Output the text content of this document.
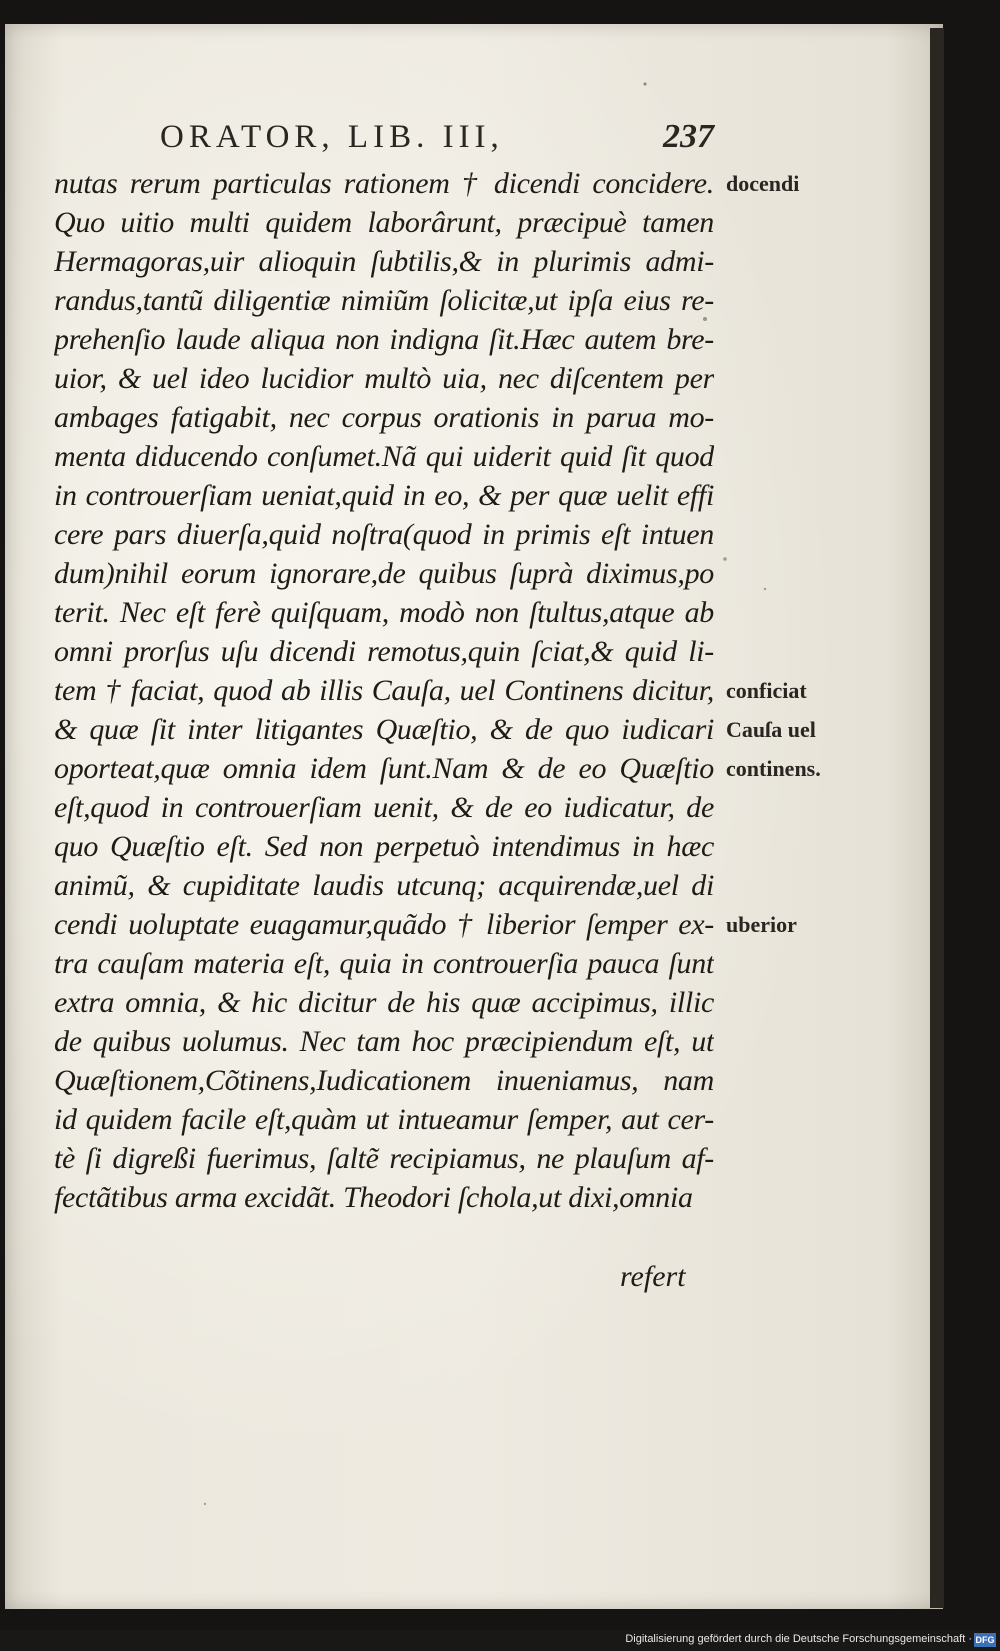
ORATOR, LIB. III,	237
nutas rerum particulas rationem † dicendi concidere.
Quo uitio multi quidem laborârunt, præcipuè tamen
Hermagoras,uir alioquin ſubtilis,& in plurimis admi-
randus,tantũ diligentiæ nimiũm ſolicitæ,ut ipſa eius re-
prehenſio laude aliqua non indigna ſit.Hæc autem bre-
uior, & uel ideo lucidior multò uia, nec diſcentem per
ambages fatigabit, nec corpus orationis in parua mo-
menta diducendo conſumet.Nã qui uiderit quid ſit quod
in controuerſiam ueniat,quid in eo, & per quæ uelit effi
cere pars diuerſa,quid noſtra(quod in primis eſt intuen
dum)nihil eorum ignorare,de quibus ſuprà diximus,po
terit. Nec eſt ferè quiſquam, modò non ſtultus,atque ab
omni prorſus uſu dicendi remotus,quin ſciat,& quid li-
tem † faciat, quod ab illis Cauſa, uel Continens dicitur,
& quæ ſit inter litigantes Quæſtio, & de quo iudicari
oporteat,quæ omnia idem ſunt.Nam & de eo Quæſtio
eſt,quod in controuerſiam uenit, & de eo iudicatur, de
quo Quæſtio eſt. Sed non perpetuò intendimus in hæc
animũ, & cupiditate laudis utcunq; acquirendæ,uel di
cendi uoluptate euagamur,quãdo † liberior ſemper ex-
tra cauſam materia eſt, quia in controuerſia pauca ſunt
extra omnia, & hic dicitur de his quæ accipimus, illic
de quibus uolumus. Nec tam hoc præcipiendum eſt, ut
Quæſtionem,Cõtinens,Iudicationem inueniamus, nam
id quidem facile eſt,quàm ut intueamur ſemper, aut cer-
tè ſi digreßi fuerimus, ſaltẽ recipiamus, ne plauſum af-
fectãtibus arma excidãt. Theodori ſchola,ut dixi,omnia
refert
docendi
conficiat
Cauſa uel
continens.
uberior
Digitalisierung gefördert durch die Deutsche Forschungsgemeinschaft · DFG
